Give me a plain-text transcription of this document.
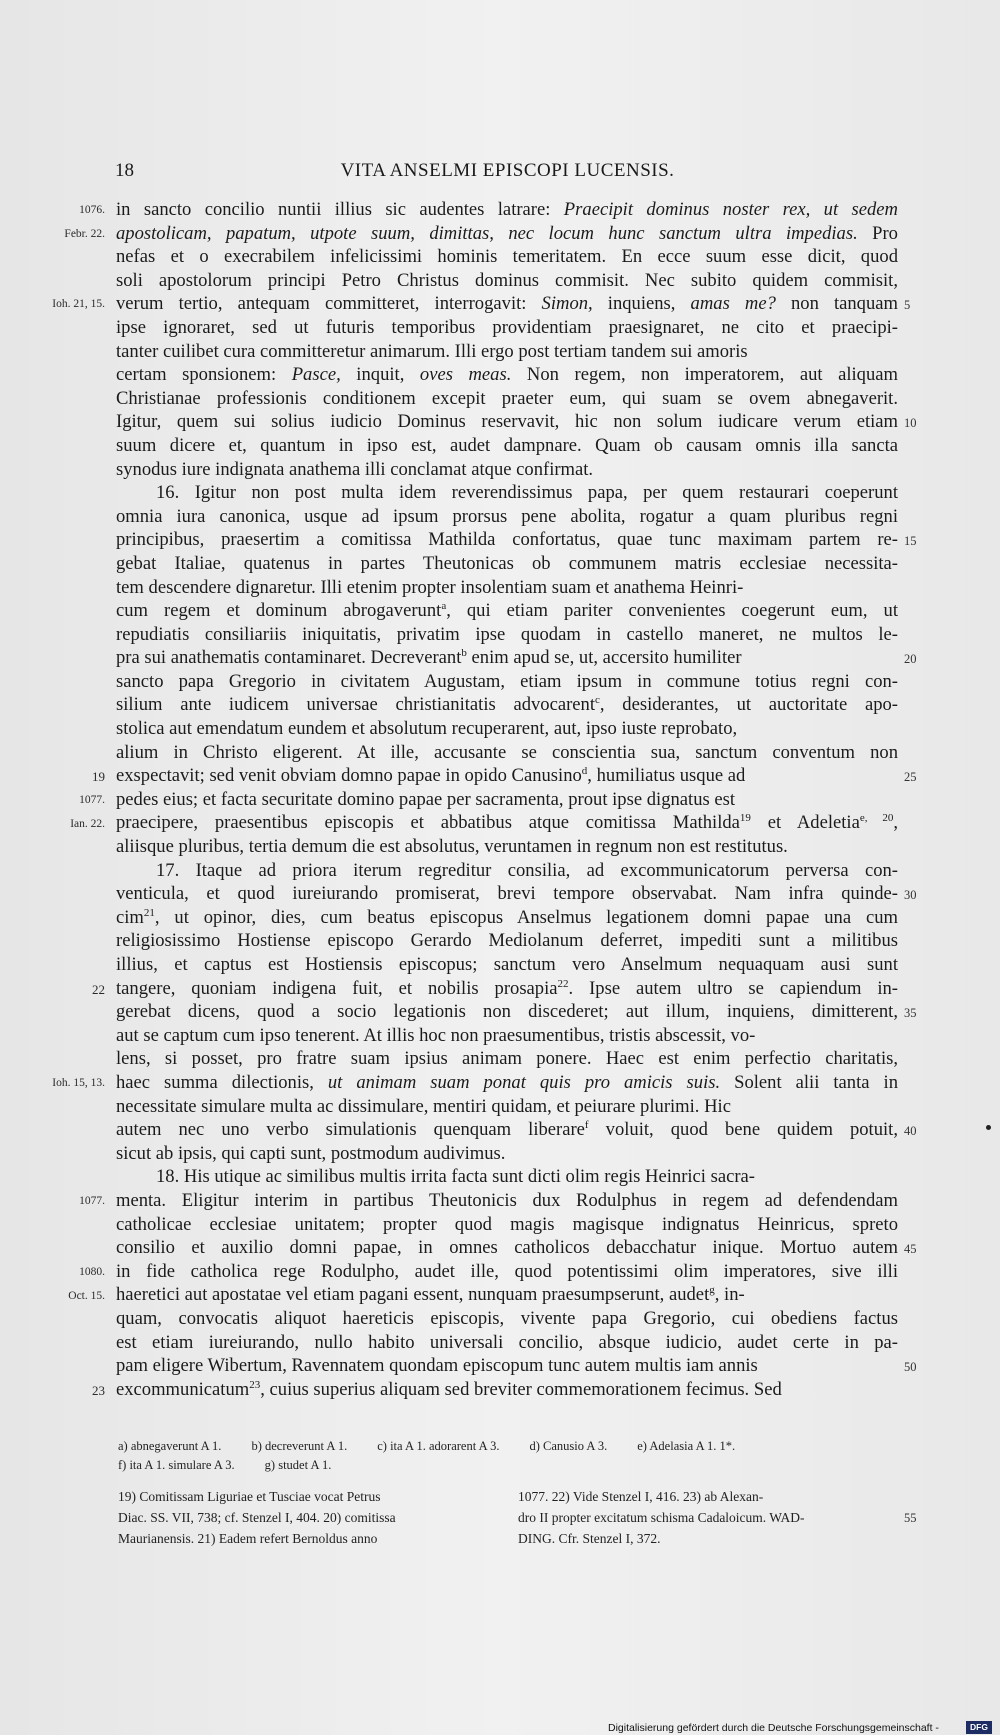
18	VITA ANSELMI EPISCOPI LUCENSIS.
in sancto concilio nuntii illius sic audentes latrare: Praecipit dominus noster rex, ut sedem
apostolicam, papatum, utpote suum, dimittas, nec locum hunc sanctum ultra impedias. Pro
nefas et o execrabilem infelicissimi hominis temeritatem. En ecce suum esse dicit, quod
soli apostolorum principi Petro Christus dominus commisit. Nec subito quidem commisit,
verum tertio, antequam committeret, interrogavit: Simon, inquiens, amas me? non tanquam
ipse ignoraret, sed ut futuris temporibus providentiam praesignaret, ne cito et praecipi-
tanter cuilibet cura committeretur animarum. Illi ergo post tertiam tandem sui amoris
certam sponsionem: Pasce, inquit, oves meas. Non regem, non imperatorem, aut aliquam
Christianae professionis conditionem excepit praeter eum, qui suam se ovem abnegaverit.
Igitur, quem sui solius iudicio Dominus reservavit, hic non solum iudicare verum etiam
suum dicere et, quantum in ipso est, audet dampnare. Quam ob causam omnis illa sancta
synodus iure indignata anathema illi conclamat atque confirmat.
16. Igitur non post multa idem reverendissimus papa, per quem restaurari coeperunt
omnia iura canonica, usque ad ipsum prorsus pene abolita, rogatur a quam pluribus regni
principibus, praesertim a comitissa Mathilda confortatus, quae tunc maximam partem re-
gebat Italiae, quatenus in partes Theutonicas ob communem matris ecclesiae necessita-
tem descendere dignaretur. Illi etenim propter insolentiam suam et anathema Heinri-
cum regem et dominum abrogaverunt$^a$, qui etiam pariter convenientes coegerunt eum, ut
repudiatis consiliariis iniquitatis, privatim ipse quodam in castello maneret, ne multos le-
pra sui anathematis contaminaret. Decreverant$^b$ enim apud se, ut, accersito humiliter
sancto papa Gregorio in civitatem Augustam, etiam ipsum in commune totius regni con-
silium ante iudicem universae christianitatis advocarent$^c$, desiderantes, ut auctoritate apo-
stolica aut emendatum eundem et absolutum recuperarent, aut, ipso iuste reprobato,
alium in Christo eligerent. At ille, accusante se conscientia sua, sanctum conventum non
exspectavit; sed venit obviam domno papae in opido Canusino$^d$, humiliatus usque ad
pedes eius; et facta securitate domino papae per sacramenta, prout ipse dignatus est
praecipere, praesentibus episcopis et abbatibus atque comitissa Mathilda$^{19}$ et Adeletia$^{e, 20}$,
aliisque pluribus, tertia demum die est absolutus, veruntamen in regnum non est restitutus.
17. Itaque ad priora iterum regreditur consilia, ad excommunicatorum perversa con-
venticula, et quod iureiurando promiserat, brevi tempore observabat. Nam infra quinde-
cim$^{21}$, ut opinor, dies, cum beatus episcopus Anselmus legationem domni papae una cum
religiosissimo Hostiense episcopo Gerardo Mediolanum deferret, impediti sunt a militibus
illius, et captus est Hostiensis episcopus; sanctum vero Anselmum nequaquam ausi sunt
tangere, quoniam indigena fuit, et nobilis prosapia$^{22}$. Ipse autem ultro se capiendum in-
gerebat dicens, quod a socio legationis non discederet; aut illum, inquiens, dimitterent,
aut se captum cum ipso tenerent. At illis hoc non praesumentibus, tristis abscessit, vo-
lens, si posset, pro fratre suam ipsius animam ponere. Haec est enim perfectio charitatis,
haec summa dilectionis, ut animam suam ponat quis pro amicis suis. Solent alii tanta in
necessitate simulare multa ac dissimulare, mentiri quidam, et peiurare plurimi. Hic
autem nec uno verbo simulationis quenquam liberare$^f$ voluit, quod bene quidem potuit,
sicut ab ipsis, qui capti sunt, postmodum audivimus.
18. His utique ac similibus multis irrita facta sunt dicti olim regis Heinrici sacra-
menta. Eligitur interim in partibus Theutonicis dux Rodulphus in regem ad defendendam
catholicae ecclesiae unitatem; propter quod magis magisque indignatus Heinricus, spreto
consilio et auxilio domni papae, in omnes catholicos debacchatur inique. Mortuo autem
in fide catholica rege Rodulpho, audet ille, quod potentissimi olim imperatores, sive illi
haeretici aut apostatae vel etiam pagani essent, nunquam praesumpserunt, audet$^g$, in-
quam, convocatis aliquot haereticis episcopis, vivente papa Gregorio, cui obediens factus
est etiam iureiurando, nullo habito universali concilio, absque iudicio, audet certe in pa-
pam eligere Wibertum, Ravennatem quondam episcopum tunc autem multis iam annis
excommunicatum$^{23}$, cuius superius aliquam sed breviter commemorationem fecimus. Sed
1076.
Febr. 22.
Ioh. 21, 15.
19
1077.
Ian. 22.
22
Ioh. 15, 13.
1077.
1080.
Oct. 15.
23
5
10
15
20
25
30
35
40
45
50
a) abnegaverunt A 1. b) decreverunt A 1. c) ita A 1. adorarent A 3. d) Canusio A 3. e) Adelasia A 1. 1*.
f) ita A 1. simulare A 3. g) studet A 1.
19) Comitissam Liguriae et Tusciae vocat Petrus
Diac. SS. VII, 738; cf. Stenzel I, 404. 20) comitissa
Maurianensis. 21) Eadem refert Bernoldus anno
1077. 22) Vide Stenzel I, 416. 23) ab Alexan-
dro II propter excitatum schisma Cadaloicum. WAD-
DING. Cfr. Stenzel I, 372.
55
Digitalisierung gefördert durch die Deutsche Forschungsgemeinschaft -	DFG
